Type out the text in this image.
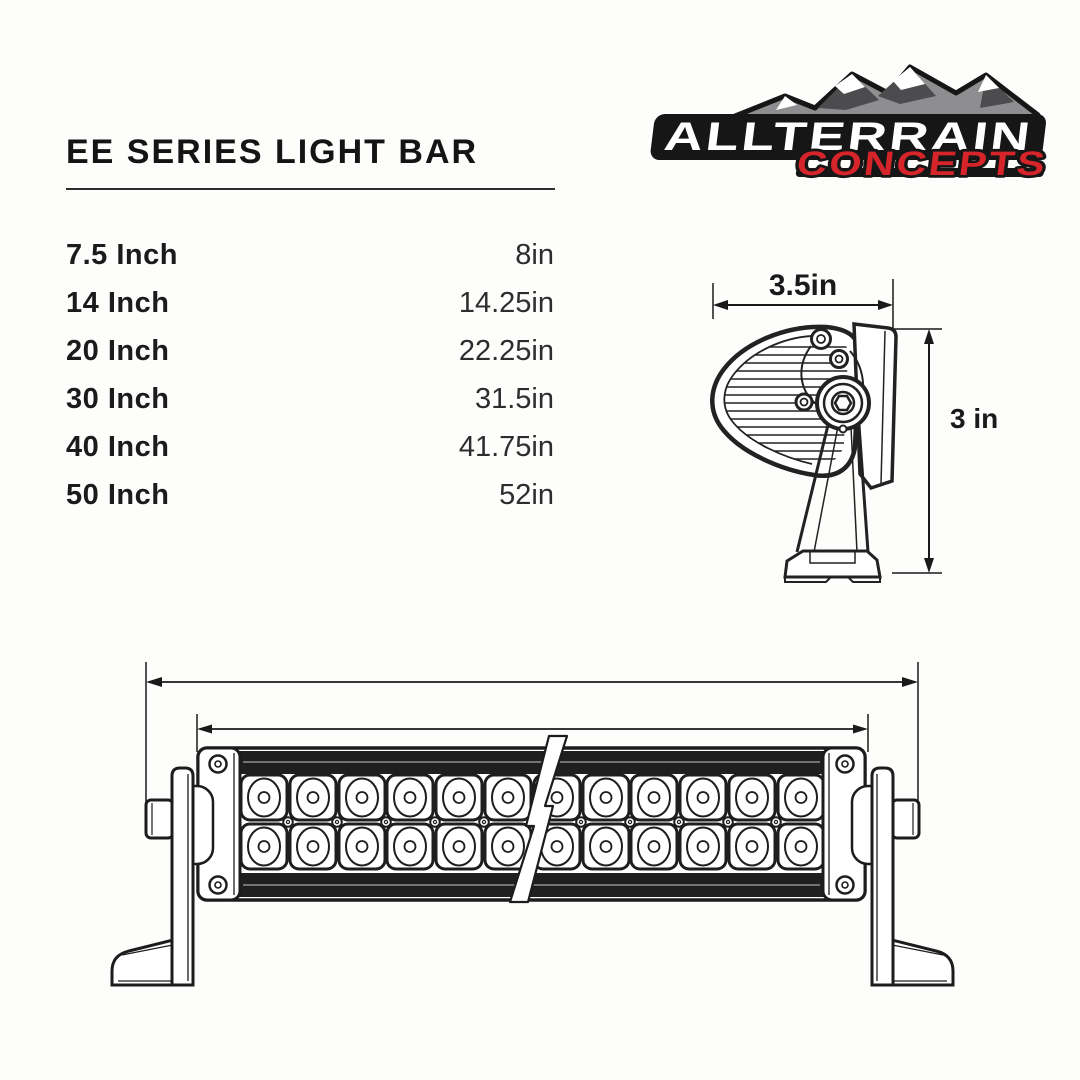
EE SERIES LIGHT BAR	ALLTERRAIN
CONCEPTS
7.5 Inch	8in
14 Inch	14.25in
20 Inch	22.25in
30 Inch	31.5in
40 Inch	41.75in
50 Inch	52in
3.5in
3 in
